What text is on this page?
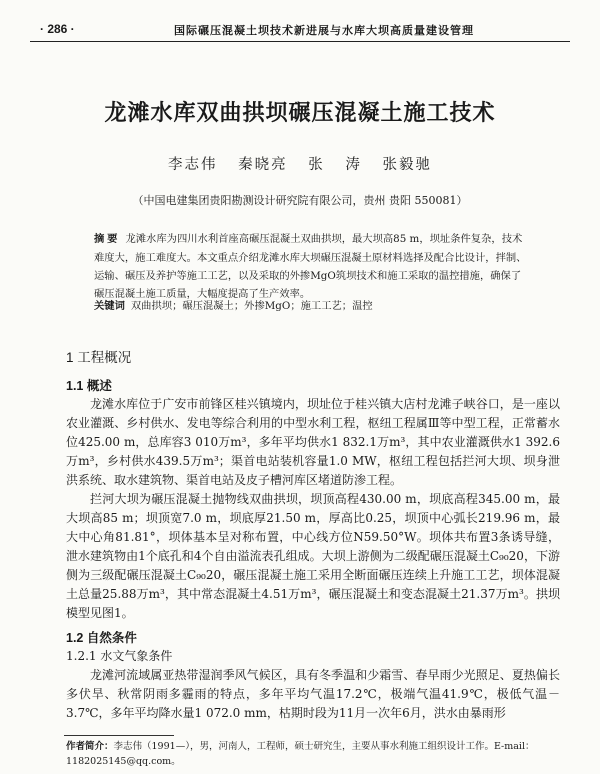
· 286 ·	国际碾压混凝土坝技术新进展与水库大坝高质量建设管理
龙滩水库双曲拱坝碾压混凝土施工技术
李志伟 秦晓亮 张 涛 张毅驰
（中国电建集团贵阳勘测设计研究院有限公司，贵州 贵阳 550081）
摘 要 龙滩水库为四川水利首座高碾压混凝土双曲拱坝，最大坝高85 m，坝址条件复杂，技术难度大，施工难度大。本文重点介绍龙滩水库大坝碾压混凝土原材料选择及配合比设计，拌制、运输、碾压及养护等施工工艺，以及采取的外掺MgO筑坝技术和施工采取的温控措施，确保了碾压混凝土施工质量，大幅度提高了生产效率。
关键词 双曲拱坝；碾压混凝土；外掺MgO；施工工艺；温控
1 工程概况
1.1 概述
龙滩水库位于广安市前锋区桂兴镇境内，坝址位于桂兴镇大店村龙滩子峡谷口，是一座以农业灌溉、乡村供水、发电等综合利用的中型水利工程，枢纽工程属Ⅲ等中型工程，正常蓄水位425.00 m，总库容3 010万m³，多年平均供水1 832.1万m³，其中农业灌溉供水1 392.6万m³，乡村供水439.5万m³；渠首电站装机容量1.0 MW，枢纽工程包括拦河大坝、坝身泄洪系统、取水建筑物、渠首电站及皮子槽河库区堵道防渗工程。
拦河大坝为碾压混凝土抛物线双曲拱坝，坝顶高程430.00 m，坝底高程345.00 m，最大坝高85 m；坝顶宽7.0 m，坝底厚21.50 m，厚高比0.25，坝顶中心弧长219.96 m，最大中心角81.81°，坝体基本呈对称布置，中心线方位N59.50°W。坝体共布置3条诱导缝，泄水建筑物由1个底孔和4个自由溢流表孔组成。大坝上游侧为二级配碾压混凝土C₉₀20，下游侧为三级配碾压混凝土C₉₀20，碾压混凝土施工采用全断面碾压连续上升施工工艺，坝体混凝土总量25.88万m³，其中常态混凝土4.51万m³，碾压混凝土和变态混凝土21.37万m³。拱坝模型见图1。
1.2 自然条件
1.2.1 水文气象条件
龙滩河流域属亚热带湿润季风气候区，具有冬季温和少霜雪、春早雨少光照足、夏热偏长多伏旱、秋常阴雨多霾雨的特点，多年平均气温17.2℃，极端气温41.9℃，极低气温－3.7℃，多年平均降水量1 072.0 mm，枯期时段为11月一次年6月，洪水由暴雨形
作者简介：李志伟（1991—），男，河南人，工程师，硕士研究生，主要从事水利施工组织设计工作。E-mail：1182025145@qq.com。
